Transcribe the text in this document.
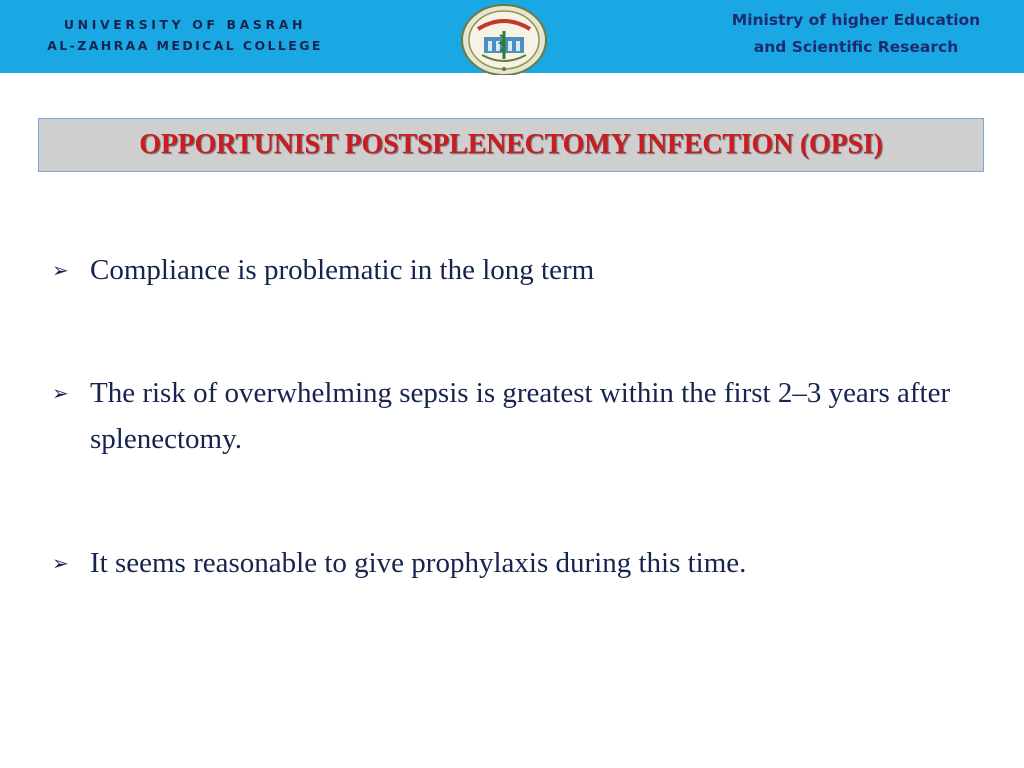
UNIVERSITY OF BASRAH
AL-ZAHRAA MEDICAL COLLEGE
Ministry of higher Education
and Scientific Research
OPPORTUNIST POSTSPLENECTOMY INFECTION (OPSI)
➢ Compliance is problematic in the long term
➢ The risk of overwhelming sepsis is greatest within the first 2–3 years after splenectomy.
➢ It seems reasonable to give prophylaxis during this time.
